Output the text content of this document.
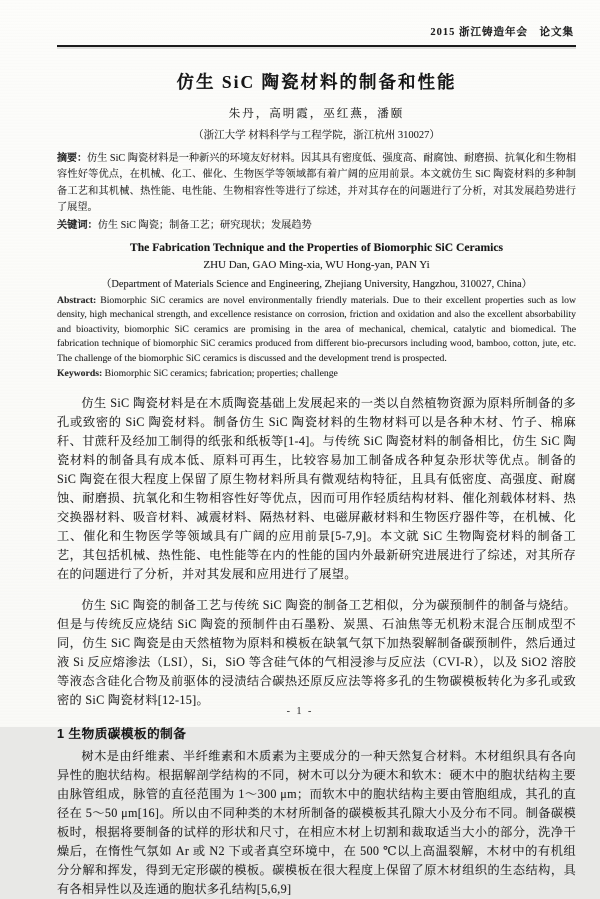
2015 浙江铸造年会　论文集
仿生 SiC 陶瓷材料的制备和性能
朱丹，高明霞，巫红燕，潘颐
（浙江大学 材料科学与工程学院，浙江杭州 310027）
摘要：仿生 SiC 陶瓷材料是一种新兴的环境友好材料。因其具有密度低、强度高、耐腐蚀、耐磨损、抗氧化和生物相容性好等优点，在机械、化工、催化、生物医学等领域都有着广阔的应用前景。本文就仿生 SiC 陶瓷材料的多种制备工艺和其机械、热性能、电性能、生物相容性等进行了综述，并对其存在的问题进行了分析，对其发展趋势进行了展望。
关键词：仿生 SiC 陶瓷；制备工艺；研究现状；发展趋势
The Fabrication Technique and the Properties of Biomorphic SiC Ceramics
ZHU Dan, GAO Ming-xia, WU Hong-yan, PAN Yi
（Department of Materials Science and Engineering, Zhejiang University, Hangzhou, 310027, China）
Abstract: Biomorphic SiC ceramics are novel environmentally friendly materials. Due to their excellent properties such as low density, high mechanical strength, and excellence resistance on corrosion, friction and oxidation and also the excellent absorbability and bioactivity, biomorphic SiC ceramics are promising in the area of mechanical, chemical, catalytic and biomedical. The fabrication technique of biomorphic SiC ceramics produced from different bio-precursors including wood, bamboo, cotton, jute, etc. The challenge of the biomorphic SiC ceramics is discussed and the development trend is prospected.
Keywords: Biomorphic SiC ceramics; fabrication; properties; challenge

仿生 SiC 陶瓷材料是在木质陶瓷基础上发展起来的一类以自然植物资源为原料所制备的多孔或致密的 SiC 陶瓷材料。制备仿生 SiC 陶瓷材料的生物材料可以是各种木材、竹子、棉麻秆、甘蔗秆及经加工制得的纸张和纸板等[1-4]。与传统 SiC 陶瓷材料的制备相比，仿生 SiC 陶瓷材料的制备具有成本低、原料可再生，比较容易加工制备成各种复杂形状等优点。制备的 SiC 陶瓷在很大程度上保留了原生物材料所具有微观结构特征，且具有低密度、高强度、耐腐蚀、耐磨损、抗氧化和生物相容性好等优点，因而可用作轻质结构材料、催化剂载体材料、热交换器材料、吸音材料、减震材料、隔热材料、电磁屏蔽材料和生物医疗器件等，在机械、化工、催化和生物医学等领域具有广阔的应用前景[5-7,9]。本文就 SiC 生物陶瓷材料的制备工艺，其包括机械、热性能、电性能等在内的性能的国内外最新研究进展进行了综述，对其所存在的问题进行了分析，并对其发展和应用进行了展望。

仿生 SiC 陶瓷的制备工艺与传统 SiC 陶瓷的制备工艺相似，分为碳预制件的制备与烧结。但是与传统反应烧结 SiC 陶瓷的预制件由石墨粉、炭黑、石油焦等无机粉末混合压制成型不同，仿生 SiC 陶瓷是由天然植物为原料和模板在缺氧气氛下加热裂解制备碳预制件，然后通过液 Si 反应熔渗法（LSI），Si，SiO 等含硅气体的气相浸渗与反应法（CVI-R），以及 SiO2 溶胶等液态含硅化合物及前驱体的浸渍结合碳热还原反应法等将多孔的生物碳模板转化为多孔或致密的 SiC 陶瓷材料[12-15]。

1 生物质碳模板的制备

树木是由纤维素、半纤维素和木质素为主要成分的一种天然复合材料。木材组织具有各向异性的胞状结构。根据解剖学结构的不同，树木可以分为硬木和软木：硬木中的胞状结构主要由脉管组成，脉管的直径范围为 1～300 μm；而软木中的胞状结构主要由管胞组成，其孔的直径在 5～50 μm[16]。所以由不同种类的木材所制备的碳模板其孔隙大小及分布不同。制备碳模板时，根据将要制备的试样的形状和尺寸，在相应木材上切割和裁取适当大小的部分，洗净干燥后，在惰性气氛如 Ar 或 N2 下或者真空环境中，在 500 ℃以上高温裂解，木材中的有机组分分解和挥发，得到无定形碳的模板。碳模板在很大程度上保留了原木材组织的生态结构，具有各相异性以及连通的胞状多孔结构[5,6,9]

- 1 -
